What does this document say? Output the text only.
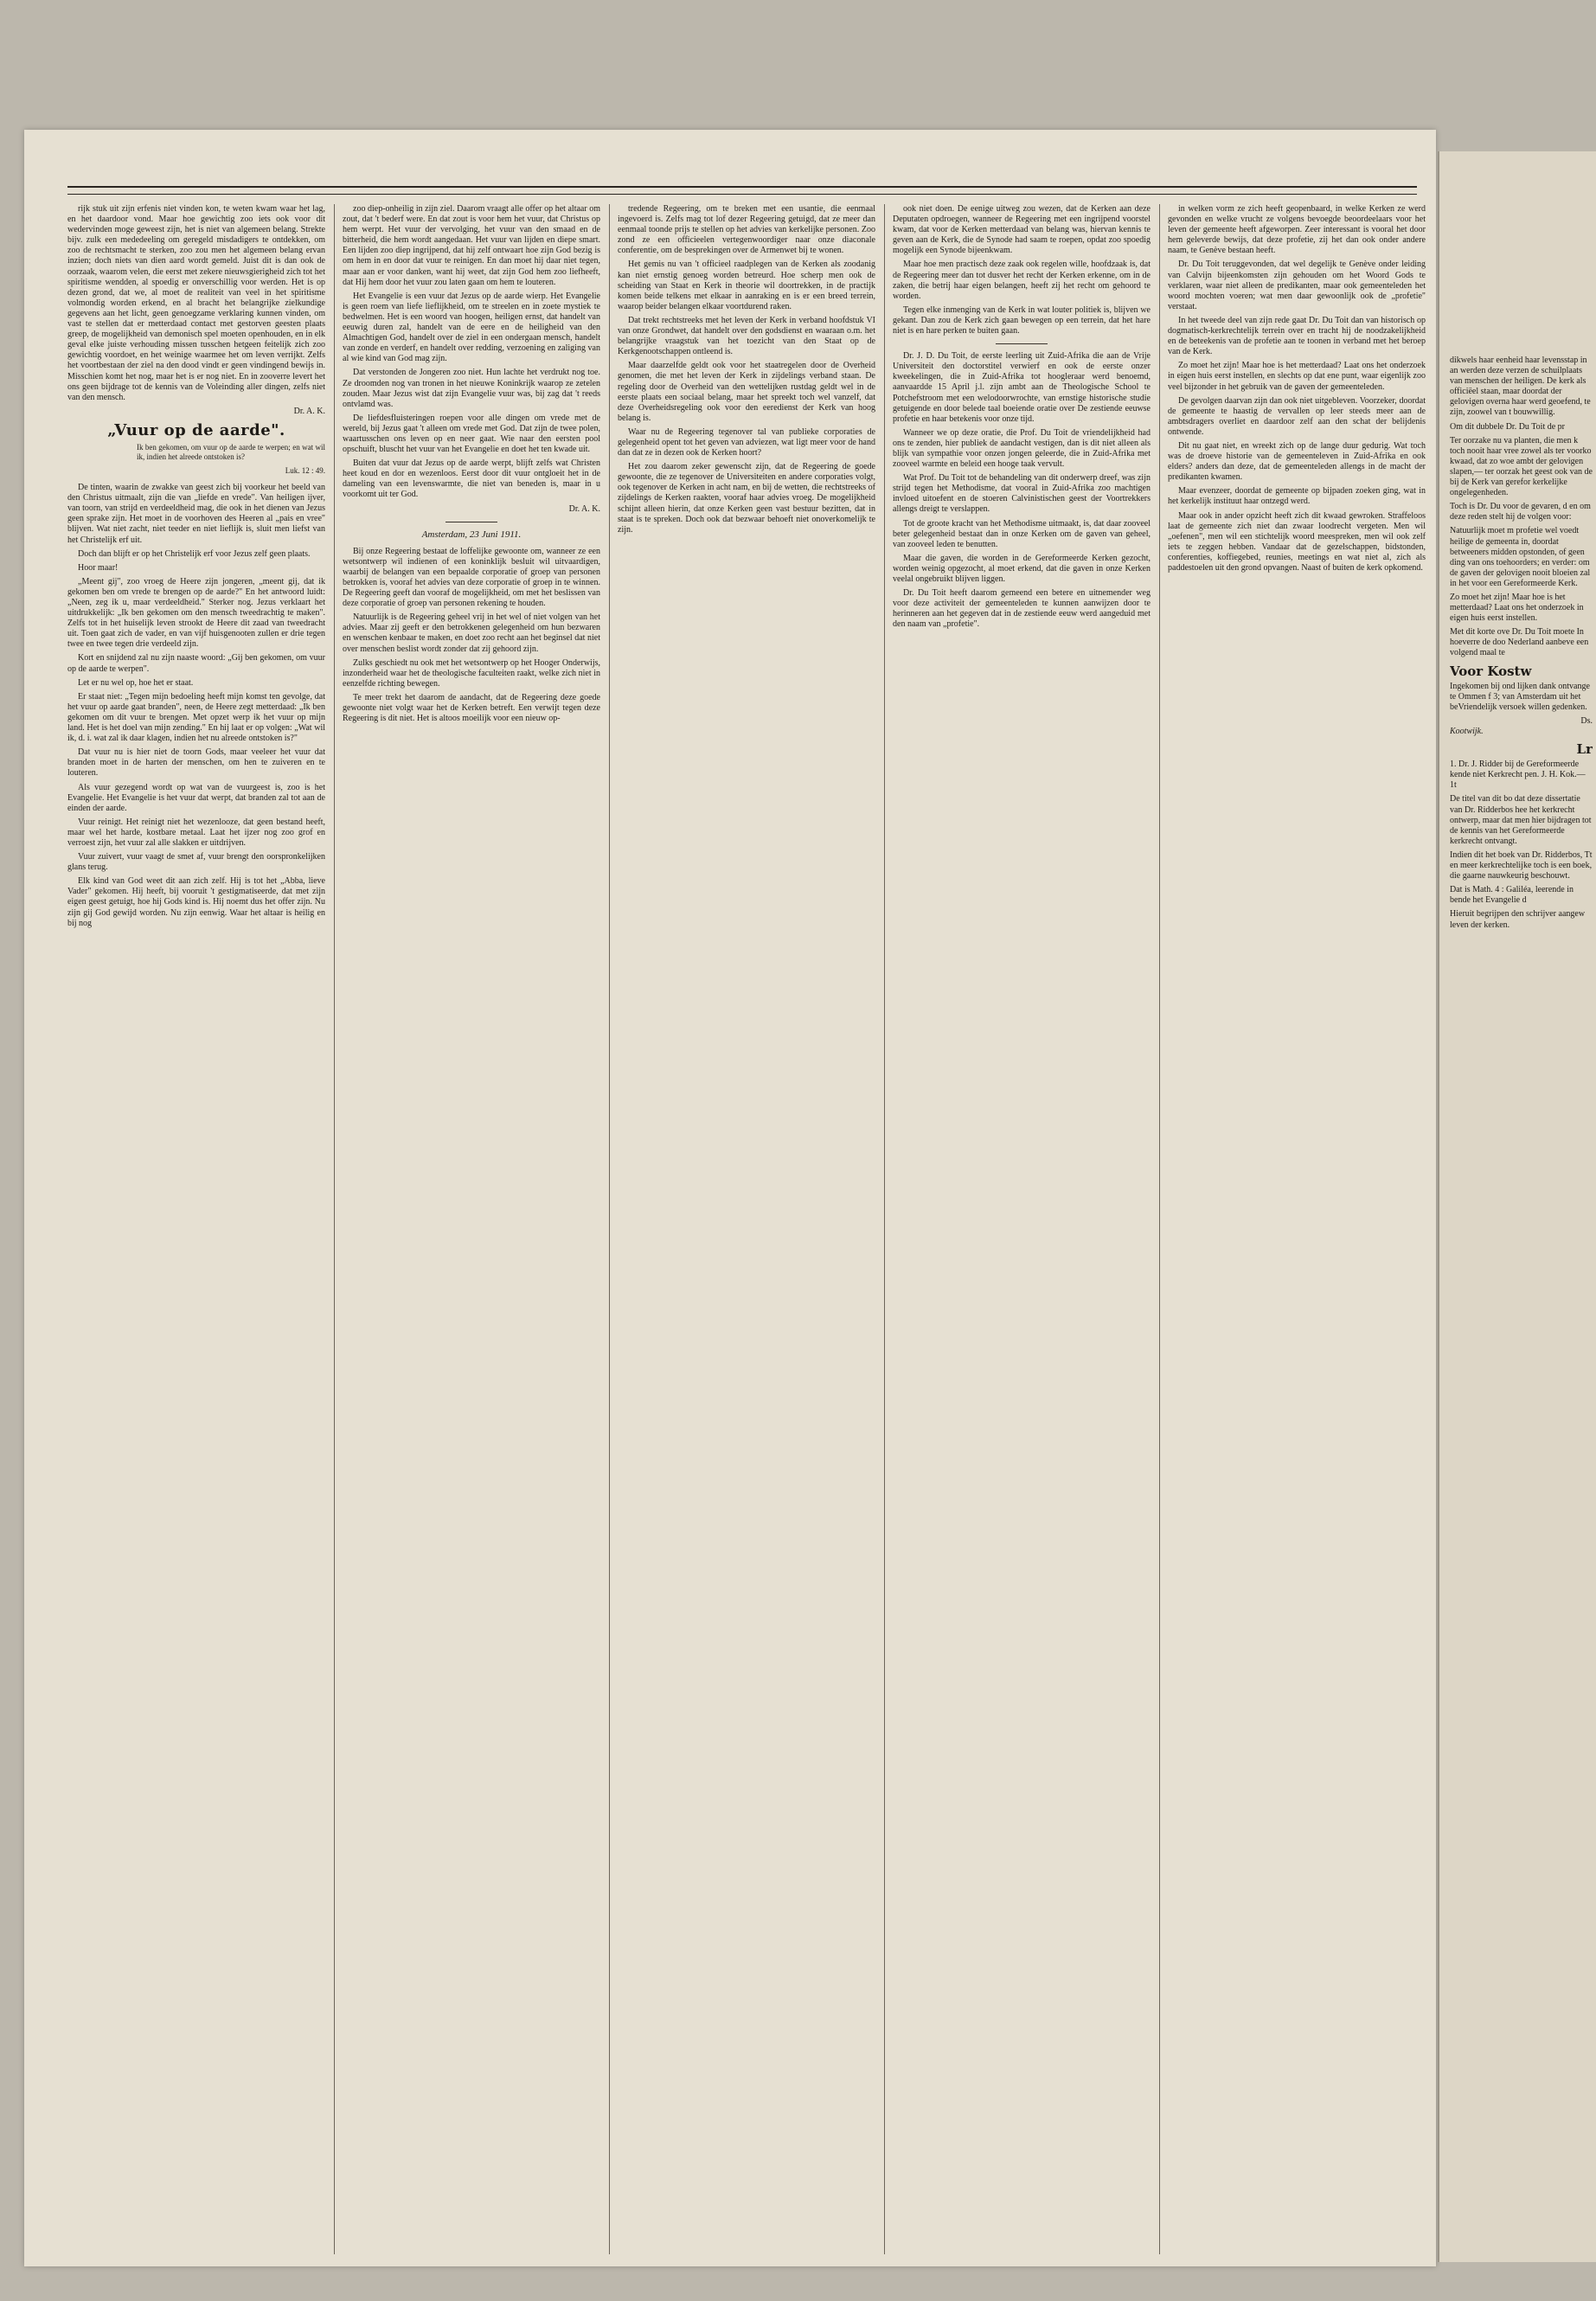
dikwels haar eenheid haar levensstap in an werden deze verzen de schuilplaats van menschen der heiligen. De kerk als officiëel staan, maar doordat der gelovigen overna haar werd geoefend, te zijn, zoowel van t bouwwillig.

Om dit dubbele Dr. Du Toit de pr

Ter oorzake nu va planten, die men k toch nooit haar vree zowel als ter voorko kwaad, dat zo woe ambt der gelovigen slapen,— ter oorzak het geest ook van de bij de Kerk van gerefor kerkelijke ongelegenheden.

Toch is Dr. Du voor de gevaren, d en om deze reden stelt hij de volgen voor:

Natuurlijk moet m profetie wel voedt heilige de gemeenta in, doordat betweeners midden opstonden, of geen ding van ons toehoorders; en verder: om de gaven der gelovigen nooit bloeien zal in het voor een Gereformeerde Kerk.

Zo moet het zijn! Maar hoe is het metterdaad? Laat ons het onderzoek in eigen huis eerst instellen.

Met dit korte ove Dr. Du Toit moete In hoeverre de doo Nederland aanbeve een volgend maal te

Voor Kostw

Ingekomen bij ond lijken dank ontvange te Ommen f 3; van Amsterdam uit het beVriendelijk versoek willen gedenken.

Ds.
Kootwijk.
Lr

1. Dr. J. Ridder bij de Gereformeerde kende niet Kerkrecht pen. J. H. Kok.— 1t

De titel van dit bo dat deze dissertatie van Dr. Ridderbos hee het kerkrecht ontwerp, maar dat men hier bijdragen tot de kennis van het Gereformeerde kerkrecht ontvangt.

Indien dit het boek van Dr. Ridderbos, Tt en meer kerkrechtelijke toch is een boek, die gaarne nauwkeurig beschouwt.

Dat is Math. 4 : Galiléa, leerende in bende het Evangelie d

Hieruit begrijpen den schrijver aangew leven der kerken.

rijk stuk uit zijn erfenis niet vinden kon, te weten kwam waar het lag, en het daardoor vond. Maar hoe gewichtig zoo iets ook voor dit wedervinden moge geweest zijn, het is niet van algemeen belang. Strekte bijv. zulk een mededeeling om geregeld misdadigers te ontdekken, om zoo de rechtsmacht te sterken, zoo zou men het algemeen belang ervan inzien; doch niets van dien aard wordt gemeld. Juist dit is dan ook de oorzaak, waarom velen, die eerst met zekere nieuwsgierigheid zich tot het spiritisme wendden, al spoedig er onverschillig voor werden. Het is op dezen grond, dat we, al moet de realiteit van veel in het spiritisme volmondig worden erkend, en al bracht het belangrijke zielkundige gegevens aan het licht, geen genoegzame verklaring kunnen vinden, om vast te stellen dat er metterdaad contact met gestorven geesten plaats greep, de mogelijkheid van demonisch spel moeten openhouden, en in elk geval elke juiste verhouding missen tusschen hetgeen feitelijk zich zoo gewichtig voordoet, en het weinige waarmee het om leven verrijkt. Zelfs het voortbestaan der ziel na den dood vindt er geen vindingend bewijs in. Misschien komt het nog, maar het is er nog niet. En in zooverre levert het ons geen bijdrage tot de kennis van de Voleinding aller dingen, zelfs niet van den mensch.

Dr. A. K.
„Vuur op de aarde".
Ik ben gekomen, om vuur op de aarde te werpen; en wat wil ik, indien het alreede ontstoken is?
Luk. 12 : 49.

De tinten, waarin de zwakke van geest zich bij voorkeur het beeld van den Christus uitmaalt, zijn die van „liefde en vrede". Van heiligen ijver, van toorn, van strijd en verdeeldheid mag, die ook in het dienen van Jezus geen sprake zijn. Het moet in de voorhoven des Heeren al „pais en vree" blijven. Wat niet zacht, niet teeder en niet lieflijk is, sluit men liefst van het Christelijk erf uit.

Doch dan blijft er op het Christelijk erf voor Jezus zelf geen plaats.

Hoor maar!

„Meent gij", zoo vroeg de Heere zijn jongeren, „meent gij, dat ik gekomen ben om vrede te brengen op de aarde?" En het antwoord luidt: „Neen, zeg ik u, maar verdeeldheid." Sterker nog. Jezus verklaart het uitdrukkelijk: „Ik ben gekomen om den mensch tweedrachtig te maken". Zelfs tot in het huiselijk leven strookt de Heere dit zaad van tweedracht uit. Toen gaat zich de vader, en van vijf huisgenooten zullen er drie tegen twee en twee tegen drie verdeeld zijn.

Kort en snijdend zal nu zijn naaste woord: „Gij ben gekomen, om vuur op de aarde te werpen".

Let er nu wel op, hoe het er staat.

Er staat niet: „Tegen mijn bedoeling heeft mijn komst ten gevolge, dat het vuur op aarde gaat branden", neen, de Heere zegt metterdaad: „Ik ben gekomen om dit vuur te brengen. Met opzet werp ik het vuur op mijn land. Het is het doel van mijn zending." En hij laat er op volgen: „Wat wil ik, d. i. wat zal ik daar klagen, indien het nu alreede ontstoken is?"

Dat vuur nu is hier niet de toorn Gods, maar veeleer het vuur dat branden moet in de harten der menschen, om hen te zuiveren en te louteren.

Als vuur gezegend wordt op wat van de vuurgeest is, zoo is het Evangelie. Het Evangelie is het vuur dat werpt, dat branden zal tot aan de einden der aarde.

Vuur reinigt. Het reinigt niet het wezenlooze, dat geen bestand heeft, maar wel het harde, kostbare metaal. Laat het ijzer nog zoo grof en verroest zijn, het vuur zal alle slakken er uitdrijven.

Vuur zuivert, vuur vaagt de smet af, vuur brengt den oorspronkelijken glans terug.

Elk kind van God weet dit aan zich zelf. Hij is tot het „Abba, lieve Vader" gekomen. Hij heeft, bij vooruit 't gestigmatiseerde, dat met zijn eigen geest getuigt, hoe hij Gods kind is. Hij noemt dus het offer zijn. Nu zijn gij God gewijd worden. Nu zijn eenwig. Waar het altaar is heilig en bij nog

zoo diep-onheilig in zijn ziel. Daarom vraagt alle offer op het altaar om zout, dat 't bederf were. En dat zout is voor hem het vuur, dat Christus op hem werpt. Het vuur der vervolging, het vuur van den smaad en de bitterheid, die hem wordt aangedaan. Het vuur van lijden en diepe smart. Een lijden zoo diep ingrijpend, dat hij zelf ontwaart hoe zijn God bezig is om hem in en door dat vuur te reinigen. En dan moet hij daar niet tegen, maar aan er voor danken, want hij weet, dat zijn God hem zoo liefheeft, dat Hij hem door het vuur zou laten gaan om hem te louteren.

Het Evangelie is een vuur dat Jezus op de aarde wierp. Het Evangelie is geen roem van liefe lieflijkheid, om te streelen en in zoete mystiek te bedwelmen. Het is een woord van hoogen, heiligen ernst, dat handelt van eeuwig duren zal, handelt van de eere en de heiligheid van den Almachtigen God, handelt over de ziel in een ondergaan mensch, handelt van zonde en verderf, en handelt over redding, verzoening en zaliging van al wie kind van God mag zijn.

Dat verstonden de Jongeren zoo niet. Hun lachte het verdrukt nog toe. Ze droomden nog van tronen in het nieuwe Koninkrijk waarop ze zetelen zouden. Maar Jezus wist dat zijn Evangelie vuur was, bij zag dat 't reeds ontvlamd was.

De liefdesfluisteringen roepen voor alle dingen om vrede met de wereld, bij Jezus gaat 't alleen om vrede met God. Dat zijn de twee polen, waartusschen ons leven op en neer gaat. Wie naar den eersten pool opschuift, bluscht het vuur van het Evangelie en doet het ten kwade uit.

Buiten dat vuur dat Jezus op de aarde werpt, blijft zelfs wat Christen heet koud en dor en wezenloos. Eerst door dit vuur ontgloeit het in de dameling van een levenswarmte, die niet van beneden is, maar in u voorkomt uit ter God.

Dr. A. K.
Amsterdam, 23 Juni 1911.

Bij onze Regeering bestaat de loffelijke gewoonte om, wanneer ze een wetsontwerp wil indienen of een koninklijk besluit wil uitvaardigen, waarbij de belangen van een bepaalde corporatie of groep van personen betrokken is, vooraf het advies van deze corporatie of groep in te winnen. De Regeering geeft dan vooraf de mogelijkheid, om met het beslissen van deze corporatie of groep van personen rekening te houden.

Natuurlijk is de Regeering geheel vrij in het wel of niet volgen van het advies. Maar zij geeft er den betrokkenen gelegenheid om hun bezwaren en wenschen kenbaar te maken, en doet zoo recht aan het beginsel dat niet over menschen beslist wordt zonder dat zij gehoord zijn.

Zulks geschiedt nu ook met het wetsontwerp op het Hooger Onderwijs, inzonderheid waar het de theologische faculteiten raakt, welke zich niet in eenzelfde richting bewegen.

Te meer trekt het daarom de aandacht, dat de Regeering deze goede gewoonte niet volgt waar het de Kerken betreft. Een verwijt tegen deze Regeering is dit niet. Het is altoos moeilijk voor een nieuw op-

tredende Regeering, om te breken met een usantie, die eenmaal ingevoerd is. Zelfs mag tot lof dezer Regeering getuigd, dat ze meer dan eenmaal toonde prijs te stellen op het advies van kerkelijke personen. Zoo zond ze een officieelen vertegenwoordiger naar onze diaconale conferentie, om de besprekingen over de Armenwet bij te wonen.

Het gemis nu van 't officieel raadplegen van de Kerken als zoodanig kan niet ernstig genoeg worden betreurd. Hoe scherp men ook de scheiding van Staat en Kerk in theorie wil doortrekken, in de practijk komen beide telkens met elkaar in aanraking en is er een breed terrein, waarop beider belangen elkaar voortdurend raken.

Dat trekt rechtstreeks met het leven der Kerk in verband hoofdstuk VI van onze Grondwet, dat handelt over den godsdienst en waaraan o.m. het belangrijke vraagstuk van het toezicht van den Staat op de Kerkgenootschappen ontleend is.

Maar daarzelfde geldt ook voor het staatregelen door de Overheid genomen, die met het leven der Kerk in zijdelings verband staan. De regeling door de Overheid van den wettelijken rustdag geldt wel in de eerste plaats een sociaal belang, maar het spreekt toch wel vanzelf, dat deze Overheidsregeling ook voor den eeredienst der Kerk van hoog belang is.

Waar nu de Regeering tegenover tal van publieke corporaties de gelegenheid opent tot het geven van adviezen, wat ligt meer voor de hand dan dat ze in dezen ook de Kerken hoort?

Het zou daarom zeker gewenscht zijn, dat de Regeering de goede gewoonte, die ze tegenover de Universiteiten en andere corporaties volgt, ook tegenover de Kerken in acht nam, en bij de wetten, die rechtstreeks of zijdelings de Kerken raakten, vooraf haar advies vroeg. De mogelijkheid schijnt alleen hierin, dat onze Kerken geen vast bestuur bezitten, dat in staat is te spreken. Doch ook dat bezwaar behoeft niet onoverkomelijk te zijn.

ook niet doen. De eenige uitweg zou wezen, dat de Kerken aan deze Deputaten opdroegen, wanneer de Regeering met een ingrijpend voorstel kwam, dat voor de Kerken metterdaad van belang was, hiervan kennis te geven aan de Kerk, die de Synode had saam te roepen, opdat zoo spoedig mogelijk een Synode bijeenkwam.

Maar hoe men practisch deze zaak ook regelen wille, hoofdzaak is, dat de Regeering meer dan tot dusver het recht der Kerken erkenne, om in de zaken, die betrij haar eigen belangen, heeft zij het recht om gehoord te worden.

Tegen elke inmenging van de Kerk in wat louter politiek is, blijven we gekant. Dan zou de Kerk zich gaan bewegen op een terrein, dat het hare niet is en hare perken te buiten gaan.

Dr. J. D. Du Toit, de eerste leerling uit Zuid-Afrika die aan de Vrije Universiteit den doctorstitel verwierf en ook de eerste onzer kweekelingen, die in Zuid-Afrika tot hoogleraar werd benoemd, aanvaardde 15 April j.l. zijn ambt aan de Theologische School te Potchefstroom met een welodoorwrochte, van ernstige historische studie getuigende en door belede taal boeiende oratie over De zestiende eeuwse profetie en haar betekenis voor onze tijd.

Wanneer we op deze oratie, die Prof. Du Toit de vriendelijkheid had ons te zenden, hier publiek de aandacht vestigen, dan is dit niet alleen als blijk van sympathie voor onzen jongen geleerde, die in Zuid-Afrika met zooveel warmte en beleid een hooge taak vervult.

Wat Prof. Du Toit tot de behandeling van dit onderwerp dreef, was zijn strijd tegen het Methodisme, dat vooral in Zuid-Afrika zoo machtigen invloed uitoefent en de stoeren Calvinistischen geest der Voortrekkers allengs dreigt te verslappen.

Tot de groote kracht van het Methodisme uitmaakt, is, dat daar zooveel beter gelegenheid bestaat dan in onze Kerken om de gaven van geheel, van zooveel leden te benutten.

Maar die gaven, die worden in de Gereformeerde Kerken gezocht, worden weinig opgezocht, al moet erkend, dat die gaven in onze Kerken veelal ongebruikt blijven liggen.

Dr. Du Toit heeft daarom gemeend een betere en uitnemender weg voor deze activiteit der gemeenteleden te kunnen aanwijzen door te herinneren aan het gegeven dat in de zestiende eeuw werd aangeduid met den naam van „profetie".

in welken vorm ze zich heeft geopenbaard, in welke Kerken ze werd gevonden en welke vrucht ze volgens bevoegde beoordeelaars voor het leven der gemeente heeft afgeworpen. Zeer interessant is vooral het door hem geleverde bewijs, dat deze profetie, zij het dan ook onder andere naam, te Genève bestaan heeft.

Dr. Du Toit teruggevonden, dat wel degelijk te Genève onder leiding van Calvijn bijeenkomsten zijn gehouden om het Woord Gods te verklaren, waar niet alleen de predikanten, maar ook gemeenteleden het woord mochten voeren; wat men daar gewoonlijk ook de „profetie" verstaat.

In het tweede deel van zijn rede gaat Dr. Du Toit dan van historisch op dogmatisch-kerkrechtelijk terrein over en tracht hij de noodzakelijkheid en de beteekenis van de profetie aan te toonen in verband met het beroep van de Kerk.

Zo moet het zijn! Maar hoe is het metterdaad? Laat ons het onderzoek in eigen huis eerst instellen, en slechts op dat ene punt, waar eigenlijk zoo veel bijzonder in het gebruik van de gaven der gemeenteleden.

De gevolgen daarvan zijn dan ook niet uitgebleven. Voorzeker, doordat de gemeente te haastig de vervallen op leer steeds meer aan de ambtsdragers overliet en daardoor zelf aan den schat der belijdenis ontwende.

Dit nu gaat niet, en wreekt zich op de lange duur gedurig. Wat toch was de droeve historie van de gemeenteleven in Zuid-Afrika en ook elders? anders dan deze, dat de gemeenteleden allengs in de macht der predikanten kwamen.

Maar evenzeer, doordat de gemeente op bijpaden zoeken ging, wat in het kerkelijk instituut haar ontzegd werd.

Maar ook in ander opzicht heeft zich dit kwaad gewroken. Straffeloos laat de gemeente zich niet dan zwaar loodrecht vergeten. Men wil „oefenen", men wil een stichtelijk woord meespreken, men wil ook zelf iets te zeggen hebben. Vandaar dat de gezelschappen, bidstonden, conferenties, koffiegebed, reunies, meetings en wat niet al, zich als paddestoelen uit den grond opvangen. Naast of buiten de kerk opkomend.
